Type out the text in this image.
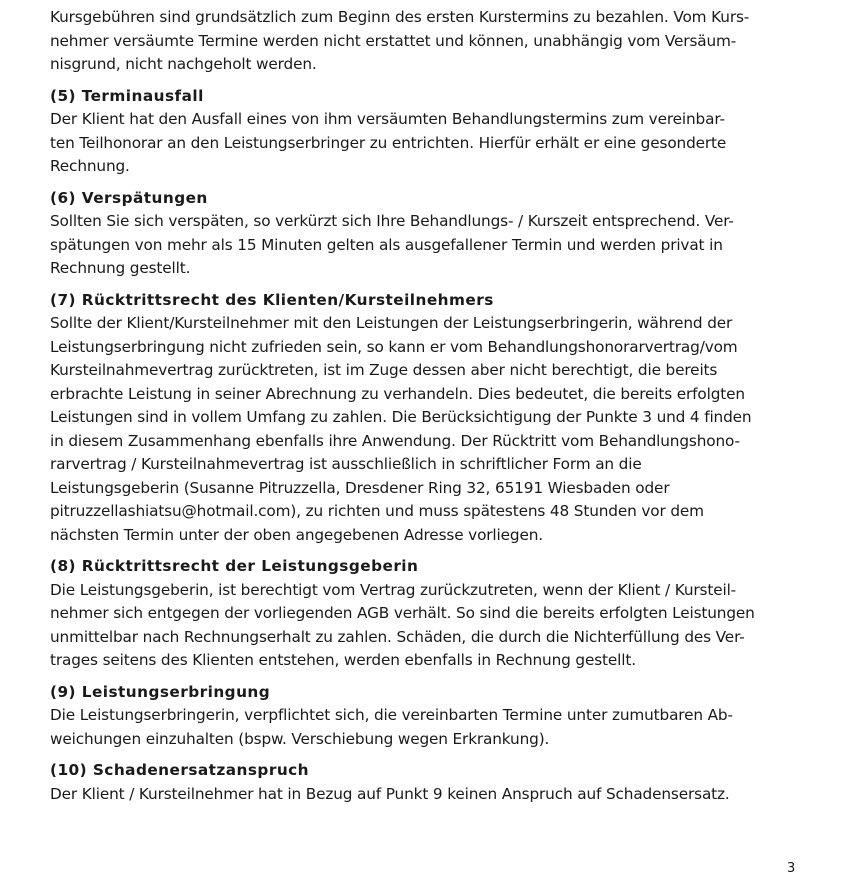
Kursgebühren sind grundsätzlich zum Beginn des ersten Kurstermins zu bezahlen. Vom Kurs-
nehmer versäumte Termine werden nicht erstattet und können, unabhängig vom Versäum-
nisgrund, nicht nachgeholt werden.

(5) Terminausfall

Der Klient hat den Ausfall eines von ihm versäumten Behandlungstermins zum vereinbar-
ten Teilhonorar an den Leistungserbringer zu entrichten. Hierfür erhält er eine gesonderte
Rechnung.

(6) Verspätungen

Sollten Sie sich verspäten, so verkürzt sich Ihre Behandlungs- / Kurszeit entsprechend. Ver-
spätungen von mehr als 15 Minuten gelten als ausgefallener Termin und werden privat in
Rechnung gestellt.

(7) Rücktrittsrecht des Klienten/Kursteilnehmers

Sollte der Klient/Kursteilnehmer mit den Leistungen der Leistungserbringerin, während der
Leistungserbringung nicht zufrieden sein, so kann er vom Behandlungshonorarvertrag/vom
Kursteilnahmevertrag zurücktreten, ist im Zuge dessen aber nicht berechtigt, die bereits
erbrachte Leistung in seiner Abrechnung zu verhandeln. Dies bedeutet, die bereits erfolgten
Leistungen sind in vollem Umfang zu zahlen. Die Berücksichtigung der Punkte 3 und 4 finden
in diesem Zusammenhang ebenfalls ihre Anwendung. Der Rücktritt vom Behandlungshono-
rarvertrag / Kursteilnahmevertrag ist ausschließlich in schriftlicher Form an die
Leistungsgeberin (Susanne Pitruzzella, Dresdener Ring 32, 65191 Wiesbaden oder
pitruzzellashiatsu@hotmail.com), zu richten und muss spätestens 48 Stunden vor dem
nächsten Termin unter der oben angegebenen Adresse vorliegen.

(8) Rücktrittsrecht der Leistungsgeberin

Die Leistungsgeberin, ist berechtigt vom Vertrag zurückzutreten, wenn der Klient / Kursteil-
nehmer sich entgegen der vorliegenden AGB verhält. So sind die bereits erfolgten Leistungen
unmittelbar nach Rechnungserhalt zu zahlen. Schäden, die durch die Nichterfüllung des Ver-
trages seitens des Klienten entstehen, werden ebenfalls in Rechnung gestellt.

(9) Leistungserbringung

Die Leistungserbringerin, verpflichtet sich, die vereinbarten Termine unter zumutbaren Ab-
weichungen einzuhalten (bspw. Verschiebung wegen Erkrankung).

(10) Schadenersatzanspruch

Der Klient / Kursteilnehmer hat in Bezug auf Punkt 9 keinen Anspruch auf Schadensersatz.

3
